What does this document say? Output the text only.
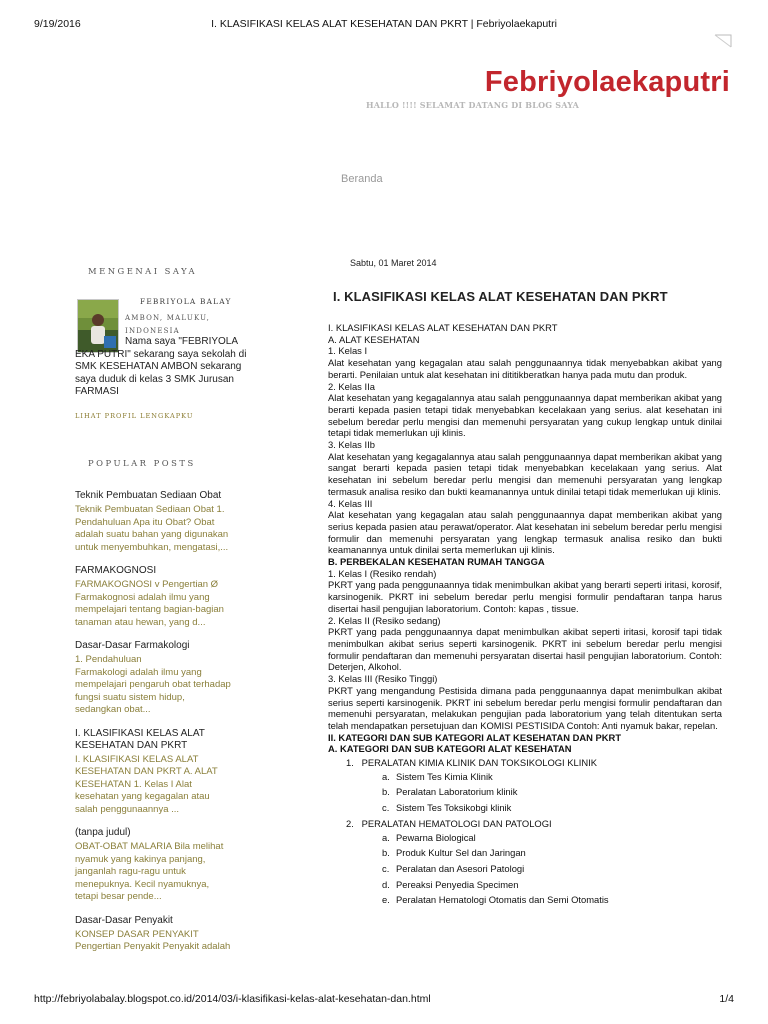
9/19/2016	I. KLASIFIKASI KELAS ALAT KESEHATAN DAN PKRT | Febriyolaekaputri
Febriyolaekaputri
HALLO !!!! SELAMAT DATANG DI BLOG SAYA
Beranda
MENGENAI SAYA
FEBRIYOLA BALAY
AMBON, MALUKU, INDONESIA
Nama saya "FEBRIYOLA EKA PUTRI" sekarang saya sekolah di SMK KESEHATAN AMBON sekarang saya duduk di kelas 3 SMK Jurusan FARMASI
LIHAT PROFIL LENGKAPKU
POPULAR POSTS
Teknik Pembuatan Sediaan Obat
Teknik Pembuatan Sediaan Obat 1.
Pendahuluan Apa itu Obat? Obat
adalah suatu bahan yang digunakan
untuk menyembuhkan, mengatasi,...
FARMAKOGNOSI
FARMAKOGNOSI v Pengertian Ø
Farmakognosi adalah ilmu yang
mempelajari tentang bagian-bagian
tanaman atau hewan, yang d...
Dasar-Dasar Farmakologi
1. Pendahuluan
Farmakologi adalah ilmu yang
mempelajari pengaruh obat terhadap
fungsi suatu sistem hidup,
sedangkan obat...
I. KLASIFIKASI KELAS ALAT KESEHATAN DAN PKRT
I. KLASIFIKASI KELAS ALAT
KESEHATAN DAN PKRT A. ALAT
KESEHATAN 1. Kelas I Alat
kesehatan yang kegagalan atau
salah penggunaannya ...
(tanpa judul)
OBAT-OBAT MALARIA Bila melihat
nyamuk yang kakinya panjang,
janganlah ragu-ragu untuk
menepuknya. Kecil nyamuknya,
tetapi besar pende...
Dasar-Dasar Penyakit
KONSEP DASAR PENYAKIT
Pengertian Penyakit Penyakit adalah
Sabtu, 01 Maret 2014
I. KLASIFIKASI KELAS ALAT KESEHATAN DAN PKRT

I. KLASIFIKASI KELAS ALAT KESEHATAN DAN PKRT

A. ALAT KESEHATAN

1. Kelas I

Alat kesehatan yang kegagalan atau salah penggunaannya tidak menyebabkan akibat yang berarti. Penilaian untuk alat kesehatan ini dititikberatkan hanya pada mutu dan produk.

2. Kelas IIa

Alat kesehatan yang kegagalannya atau salah penggunaannya dapat memberikan akibat yang berarti kepada pasien tetapi tidak menyebabkan kecelakaan yang serius. alat kesehatan ini sebelum beredar perlu mengisi dan memenuhi persyaratan yang cukup lengkap untuk dinilai tetapi tidak memerlukan uji klinis.

3. Kelas IIb

Alat kesehatan yang kegagalannya atau salah penggunaannya dapat memberikan akibat yang sangat berarti kepada pasien tetapi tidak menyebabkan kecelakaan yang serius. Alat kesehatan ini sebelum beredar perlu mengisi dan memenuhi persyaratan yang lengkap termasuk analisa resiko dan bukti keamanannya untuk dinilai tetapi tidak memerlukan uji klinis.

4. Kelas III

Alat kesehatan yang kegagalan atau salah penggunaannya dapat memberikan akibat yang serius kepada pasien atau perawat/operator. Alat kesehatan ini sebelum beredar perlu mengisi formulir dan memenuhi persyaratan yang lengkap termasuk analisa resiko dan bukti keamanannya untuk dinilai serta memerlukan uji klinis.

B. PERBEKALAN KESEHATAN RUMAH TANGGA

1. Kelas I (Resiko rendah)

PKRT yang pada penggunaannya tidak menimbulkan akibat yang berarti seperti iritasi, korosif, karsinogenik. PKRT ini sebelum beredar perlu mengisi formulir pendaftaran tanpa harus disertai hasil pengujian laboratorium. Contoh: kapas , tissue.

2. Kelas II (Resiko sedang)

PKRT yang pada penggunaannya dapat menimbulkan akibat seperti iritasi, korosif tapi tidak menimbulkan akibat serius seperti karsinogenik. PKRT ini sebelum beredar perlu mengisi formulir pendaftaran dan memenuhi persyaratan disertai hasil pengujian laboratorium. Contoh: Deterjen, Alkohol.

3. Kelas III (Resiko Tinggi)

PKRT yang mengandung Pestisida dimana pada penggunaannya dapat menimbulkan akibat serius seperti karsinogenik. PKRT ini sebelum beredar perlu mengisi formulir pendaftaran dan memenuhi persyaratan, melakukan pengujian pada laboratorium yang telah ditentukan serta telah mendapatkan persetujuan dan KOMISI PESTISIDA Contoh: Anti nyamuk bakar, repelan.

II. KATEGORI DAN SUB KATEGORI ALAT KESEHATAN DAN PKRT

A. KATEGORI DAN SUB KATEGORI ALAT KESEHATAN

1.   PERALATAN KIMIA KLINIK DAN TOKSIKOLOGI KLINIK
a. Sistem Tes Kimia Klinik
b. Peralatan Laboratorium klinik
c. Sistem Tes Toksikobgi klinik
2.   PERALATAN HEMATOLOGI DAN PATOLOGI
a. Pewarna Biological
b. Produk Kultur Sel dan Jaringan
c. Peralatan dan Asesori Patologi
d. Pereaksi Penyedia Specimen
e. Peralatan Hematologi Otomatis dan Semi Otomatis
http://febriyolabalay.blogspot.co.id/2014/03/i-klasifikasi-kelas-alat-kesehatan-dan.html	1/4
